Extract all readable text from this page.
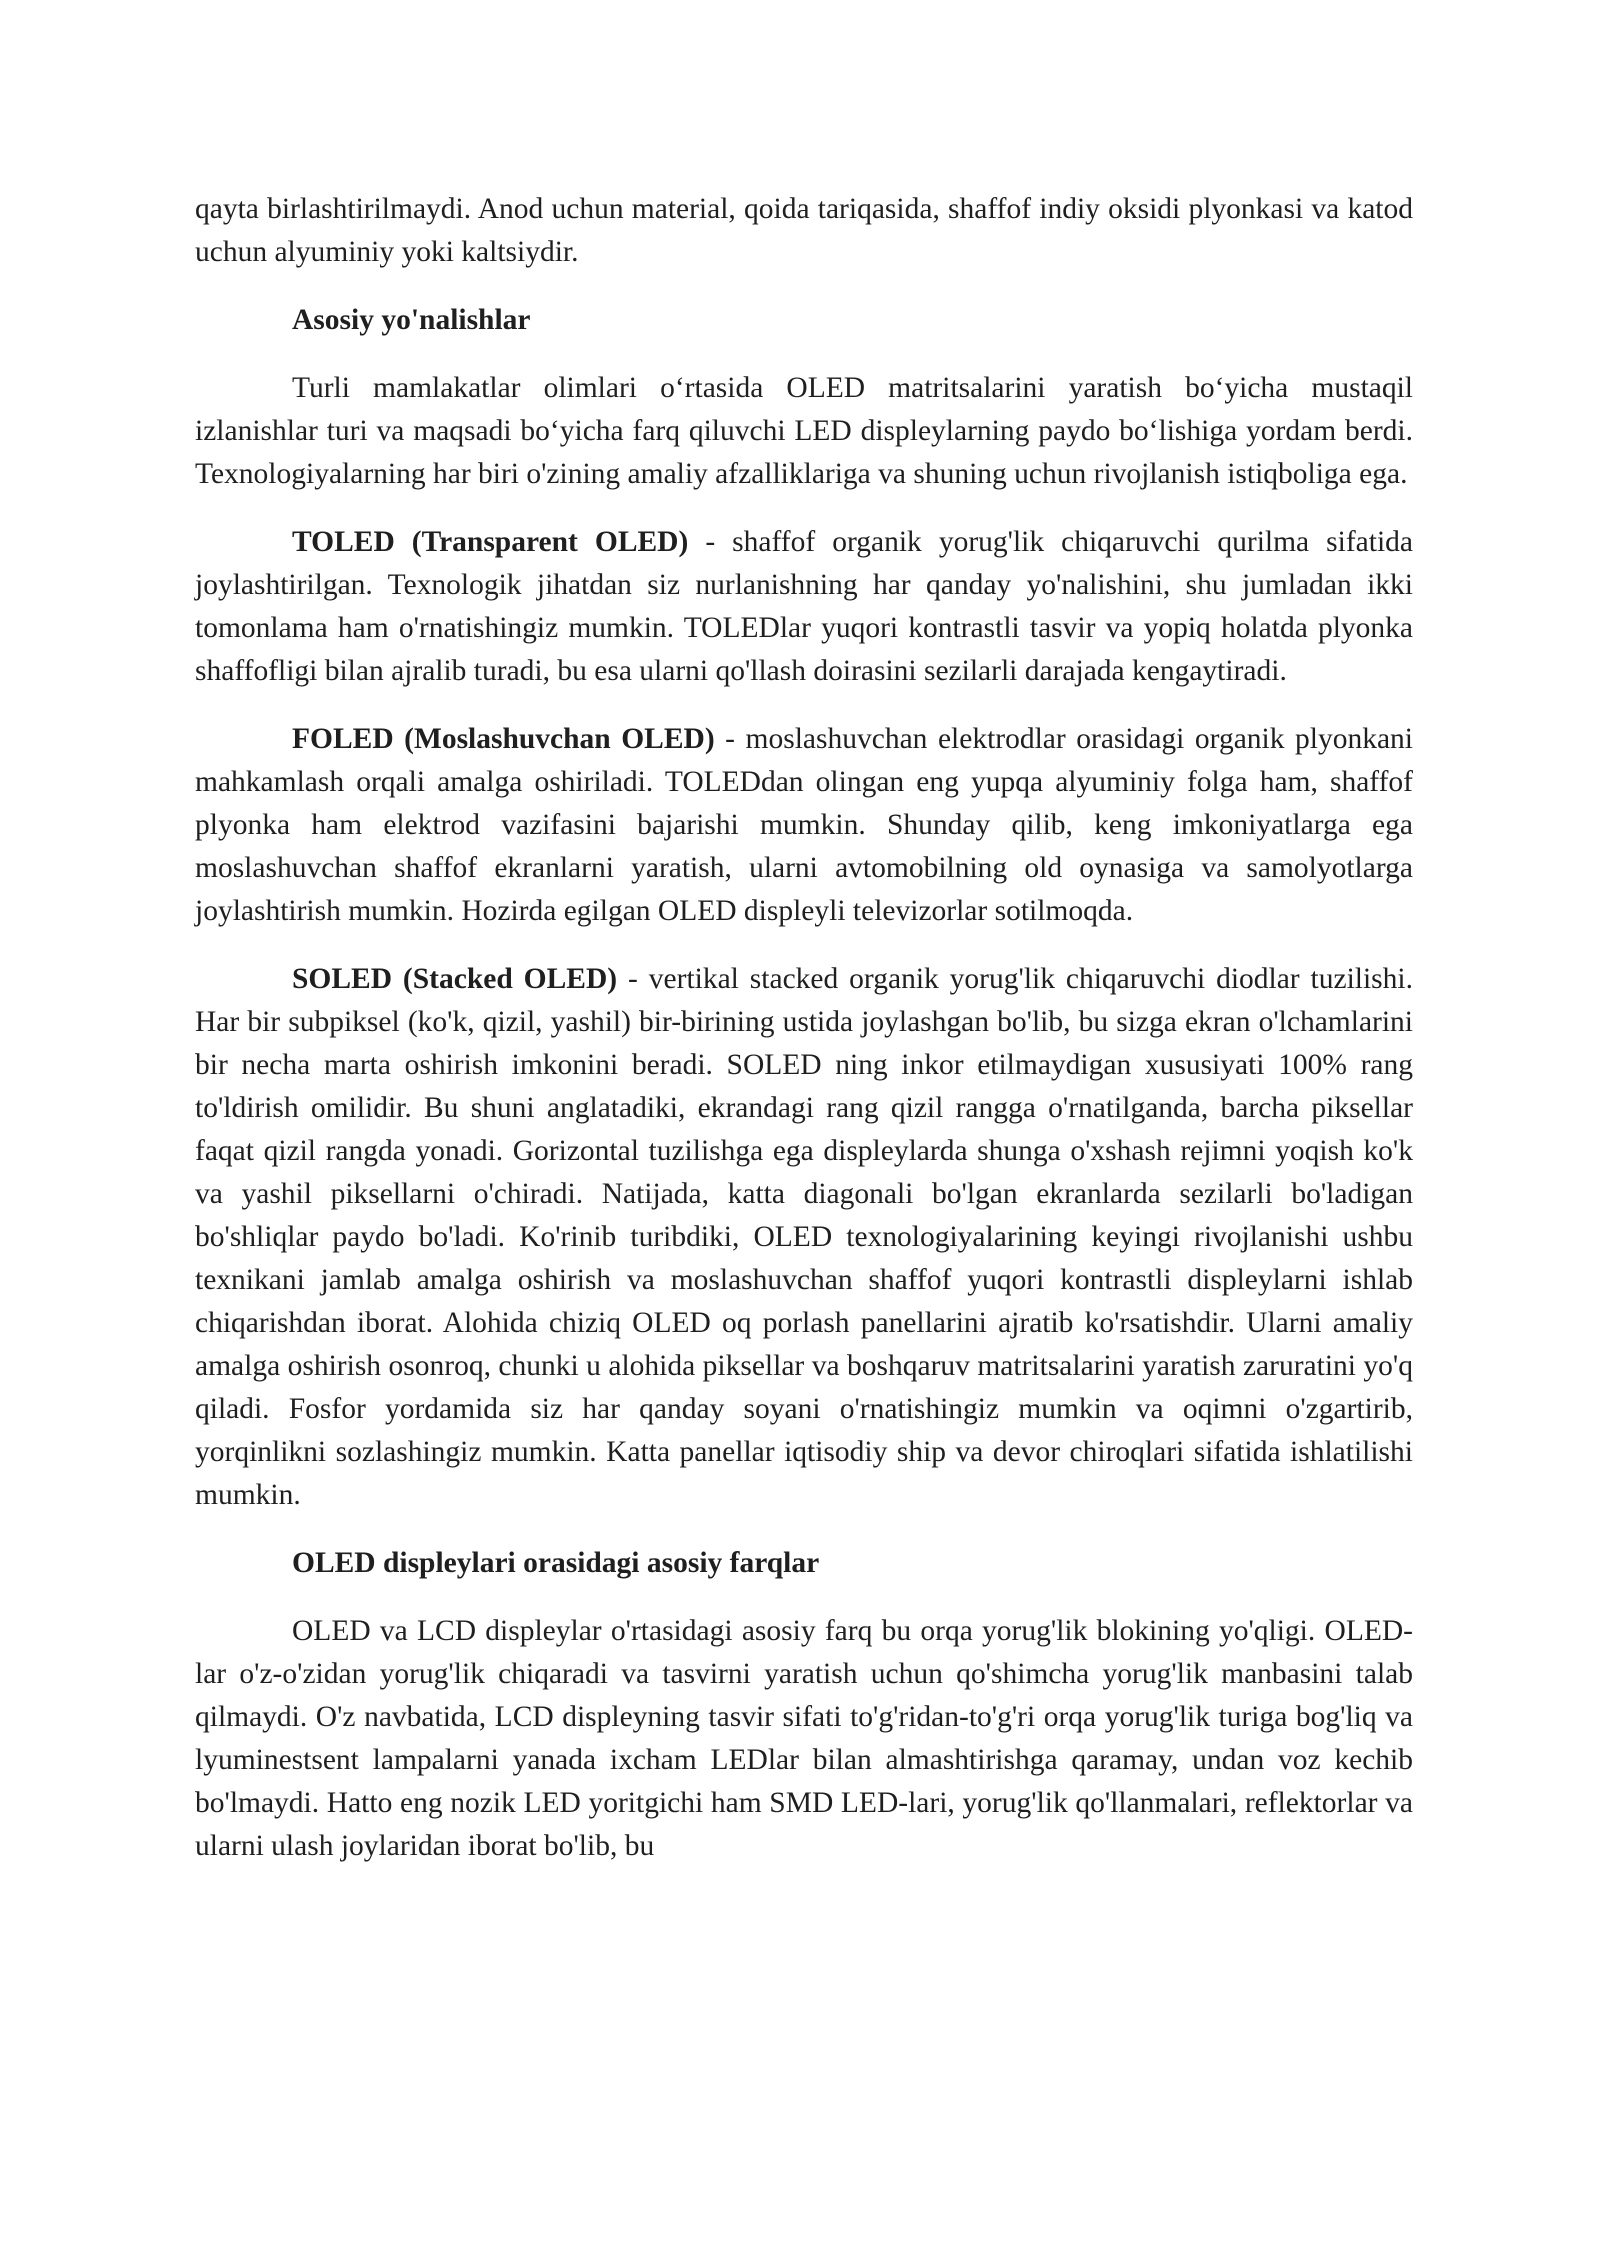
qayta birlashtirilmaydi. Anod uchun material, qoida tariqasida, shaffof indiy oksidi plyonkasi va katod uchun alyuminiy yoki kaltsiydir.

Asosiy yo'nalishlar

Turli mamlakatlar olimlari o‘rtasida OLED matritsalarini yaratish bo‘yicha mustaqil izlanishlar turi va maqsadi bo‘yicha farq qiluvchi LED displeylarning paydo bo‘lishiga yordam berdi. Texnologiyalarning har biri o'zining amaliy afzalliklariga va shuning uchun rivojlanish istiqboliga ega.

TOLED (Transparent OLED) - shaffof organik yorug'lik chiqaruvchi qurilma sifatida joylashtirilgan. Texnologik jihatdan siz nurlanishning har qanday yo'nalishini, shu jumladan ikki tomonlama ham o'rnatishingiz mumkin. TOLEDlar yuqori kontrastli tasvir va yopiq holatda plyonka shaffofligi bilan ajralib turadi, bu esa ularni qo'llash doirasini sezilarli darajada kengaytiradi.

FOLED (Moslashuvchan OLED) - moslashuvchan elektrodlar orasidagi organik plyonkani mahkamlash orqali amalga oshiriladi. TOLEDdan olingan eng yupqa alyuminiy folga ham, shaffof plyonka ham elektrod vazifasini bajarishi mumkin. Shunday qilib, keng imkoniyatlarga ega moslashuvchan shaffof ekranlarni yaratish, ularni avtomobilning old oynasiga va samolyotlarga joylashtirish mumkin. Hozirda egilgan OLED displeyli televizorlar sotilmoqda.

SOLED (Stacked OLED) - vertikal stacked organik yorug'lik chiqaruvchi diodlar tuzilishi. Har bir subpiksel (ko'k, qizil, yashil) bir-birining ustida joylashgan bo'lib, bu sizga ekran o'lchamlarini bir necha marta oshirish imkonini beradi. SOLED ning inkor etilmaydigan xususiyati 100% rang to'ldirish omilidir. Bu shuni anglatadiki, ekrandagi rang qizil rangga o'rnatilganda, barcha piksellar faqat qizil rangda yonadi. Gorizontal tuzilishga ega displeylarda shunga o'xshash rejimni yoqish ko'k va yashil piksellarni o'chiradi. Natijada, katta diagonali bo'lgan ekranlarda sezilarli bo'ladigan bo'shliqlar paydo bo'ladi. Ko'rinib turibdiki, OLED texnologiyalarining keyingi rivojlanishi ushbu texnikani jamlab amalga oshirish va moslashuvchan shaffof yuqori kontrastli displeylarni ishlab chiqarishdan iborat. Alohida chiziq OLED oq porlash panellarini ajratib ko'rsatishdir. Ularni amaliy amalga oshirish osonroq, chunki u alohida piksellar va boshqaruv matritsalarini yaratish zaruratini yo'q qiladi. Fosfor yordamida siz har qanday soyani o'rnatishingiz mumkin va oqimni o'zgartirib, yorqinlikni sozlashingiz mumkin. Katta panellar iqtisodiy ship va devor chiroqlari sifatida ishlatilishi mumkin.

OLED displeylari orasidagi asosiy farqlar

OLED va LCD displeylar o'rtasidagi asosiy farq bu orqa yorug'lik blokining yo'qligi. OLED-lar o'z-o'zidan yorug'lik chiqaradi va tasvirni yaratish uchun qo'shimcha yorug'lik manbasini talab qilmaydi. O'z navbatida, LCD displeyning tasvir sifati to'g'ridan-to'g'ri orqa yorug'lik turiga bog'liq va lyuminestsent lampalarni yanada ixcham LEDlar bilan almashtirishga qaramay, undan voz kechib bo'lmaydi. Hatto eng nozik LED yoritgichi ham SMD LED-lari, yorug'lik qo'llanmalari, reflektorlar va ularni ulash joylaridan iborat bo'lib, bu
